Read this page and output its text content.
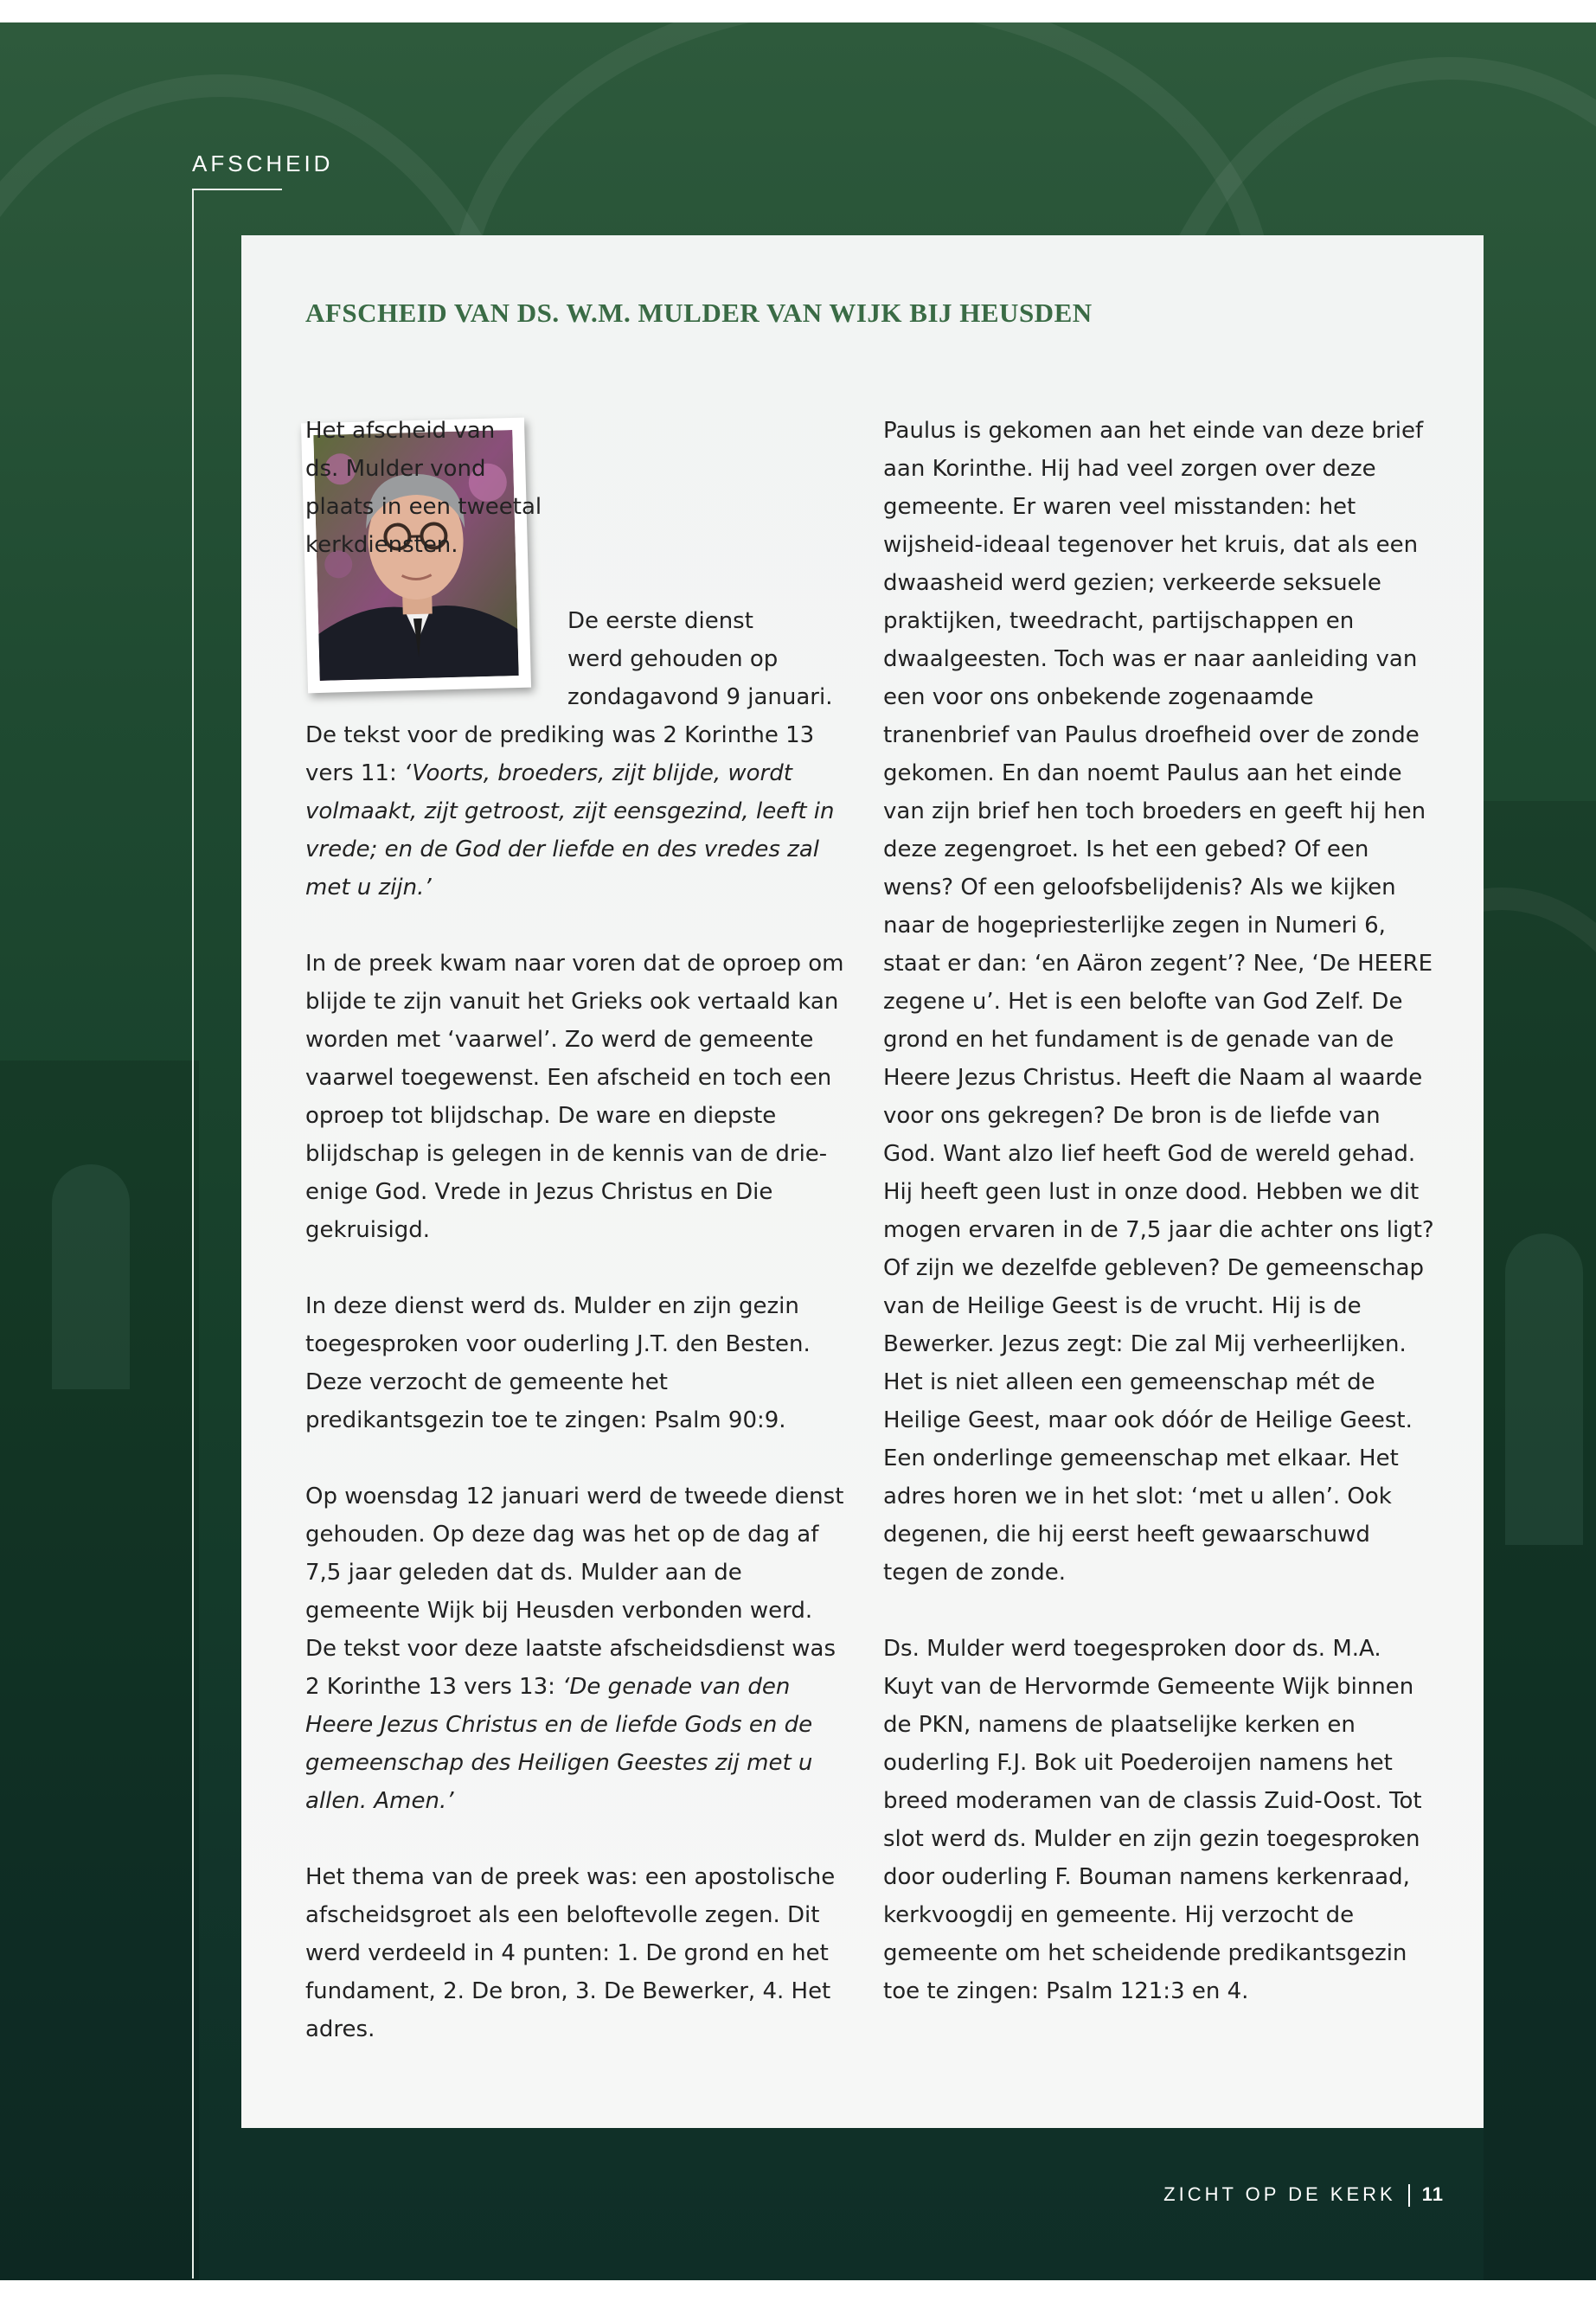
AFSCHEID
AFSCHEID VAN DS. W.M. MULDER VAN WIJK BIJ HEUSDEN

Het afscheid van
ds. Mulder vond
plaats in een tweetal
kerkdiensten.

De eerste dienst
werd gehouden op
zondagavond 9 januari.
De tekst voor de prediking was 2 Korinthe 13 vers 11: ‘Voorts, broeders, zijt blijde, wordt volmaakt, zijt getroost, zijt eensgezind, leeft in vrede; en de God der liefde en des vredes zal met u zijn.’

In de preek kwam naar voren dat de oproep om blijde te zijn vanuit het Grieks ook vertaald kan worden met ‘vaarwel’. Zo werd de gemeente vaarwel toegewenst. Een afscheid en toch een oproep tot blijdschap. De ware en diepste blijdschap is gelegen in de kennis van de drie-enige God. Vrede in Jezus Christus en Die gekruisigd.

In deze dienst werd ds. Mulder en zijn gezin toegesproken voor ouderling J.T. den Besten. Deze verzocht de gemeente het predikantsgezin toe te zingen: Psalm 90:9.

Op woensdag 12 januari werd de tweede dienst gehouden. Op deze dag was het op de dag af 7,5 jaar geleden dat ds. Mulder aan de gemeente Wijk bij Heusden verbonden werd. De tekst voor deze laatste afscheidsdienst was 2 Korinthe 13 vers 13: ‘De genade van den Heere Jezus Christus en de liefde Gods en de gemeenschap des Heiligen Geestes zij met u allen. Amen.’

Het thema van de preek was: een apostolische afscheidsgroet als een beloftevolle zegen. Dit werd verdeeld in 4 punten: 1. De grond en het fundament, 2. De bron, 3. De Bewerker, 4. Het adres.

Paulus is gekomen aan het einde van deze brief aan Korinthe. Hij had veel zorgen over deze gemeente. Er waren veel misstanden: het wijsheid-ideaal tegenover het kruis, dat als een dwaasheid werd gezien; verkeerde seksuele praktijken, tweedracht, partijschappen en dwaalgeesten. Toch was er naar aanleiding van een voor ons onbekende zogenaamde tranenbrief van Paulus droefheid over de zonde gekomen. En dan noemt Paulus aan het einde van zijn brief hen toch broeders en geeft hij hen deze zegengroet. Is het een gebed? Of een wens? Of een geloofsbelijdenis? Als we kijken naar de hogepriesterlijke zegen in Numeri 6, staat er dan: ‘en Aäron zegent’? Nee, ‘De HEERE zegene u’. Het is een belofte van God Zelf. De grond en het fundament is de genade van de Heere Jezus Christus. Heeft die Naam al waarde voor ons gekregen? De bron is de liefde van God. Want alzo lief heeft God de wereld gehad. Hij heeft geen lust in onze dood. Hebben we dit mogen ervaren in de 7,5 jaar die achter ons ligt? Of zijn we dezelfde gebleven? De gemeenschap van de Heilige Geest is de vrucht. Hij is de Bewerker. Jezus zegt: Die zal Mij verheerlijken. Het is niet alleen een gemeenschap mét de Heilige Geest, maar ook dóór de Heilige Geest. Een onderlinge gemeenschap met elkaar. Het adres horen we in het slot: ‘met u allen’. Ook degenen, die hij eerst heeft gewaarschuwd tegen de zonde.

Ds. Mulder werd toegesproken door ds. M.A. Kuyt van de Hervormde Gemeente Wijk binnen de PKN, namens de plaatselijke kerken en ouderling F.J. Bok uit Poederoijen namens het breed moderamen van de classis Zuid-Oost. Tot slot werd ds. Mulder en zijn gezin toegesproken door ouderling F. Bouman namens kerkenraad, kerkvoogdij en gemeente. Hij verzocht de gemeente om het scheidende predikantsgezin toe te zingen: Psalm 121:3 en 4.

ZICHT OP DE KERK 11
